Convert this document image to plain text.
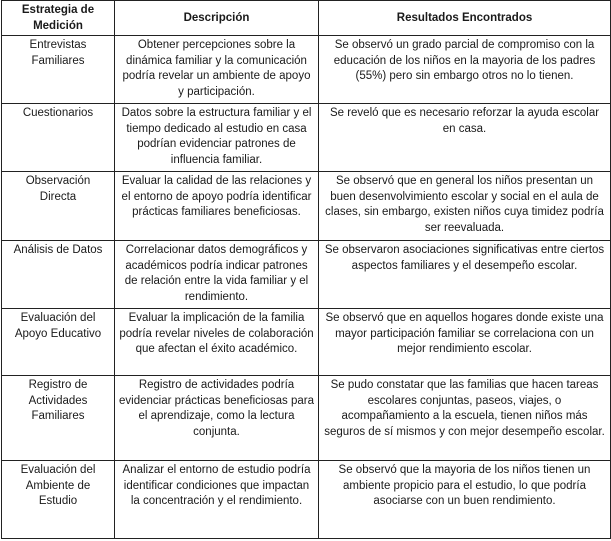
Estrategia de Medición	Descripción	Resultados Encontrados
Entrevistas Familiares	Obtener percepciones sobre la dinámica familiar y la comunicación podría revelar un ambiente de apoyo y participación.	Se observó un grado parcial de compromiso con la educación de los niños en la mayoria de los padres (55%) pero sin embargo otros no lo tienen.
Cuestionarios	Datos sobre la estructura familiar y el tiempo dedicado al estudio en casa podrían evidenciar patrones de influencia familiar.	Se reveló que es necesario reforzar la ayuda escolar en casa.
Observación Directa	Evaluar la calidad de las relaciones y el entorno de apoyo podría identificar prácticas familiares beneficiosas.	Se observó que en general los niños presentan un buen desenvolvimiento escolar y social en el aula de clases, sin embargo, existen niños cuya timidez podría ser reevaluada.
Análisis de Datos	Correlacionar datos demográficos y académicos podría indicar patrones de relación entre la vida familiar y el rendimiento.	Se observaron asociaciones significativas entre ciertos aspectos familiares y el desempeño escolar.
Evaluación del Apoyo Educativo	Evaluar la implicación de la familia podría revelar niveles de colaboración que afectan el éxito académico.	Se observó que en aquellos hogares donde existe una mayor participación familiar se correlaciona con un mejor rendimiento escolar.
Registro de Actividades Familiares	Registro de actividades podría evidenciar prácticas beneficiosas para el aprendizaje, como la lectura conjunta.	Se pudo constatar que las familias que hacen tareas escolares conjuntas, paseos, viajes, o acompañamiento a la escuela, tienen niños más seguros de sí mismos y con mejor desempeño escolar.
Evaluación del Ambiente de Estudio	Analizar el entorno de estudio podría identificar condiciones que impactan la concentración y el rendimiento.	Se observó que la mayoria de los niños tienen un ambiente propicio para el estudio, lo que podría asociarse con un buen rendimiento.
